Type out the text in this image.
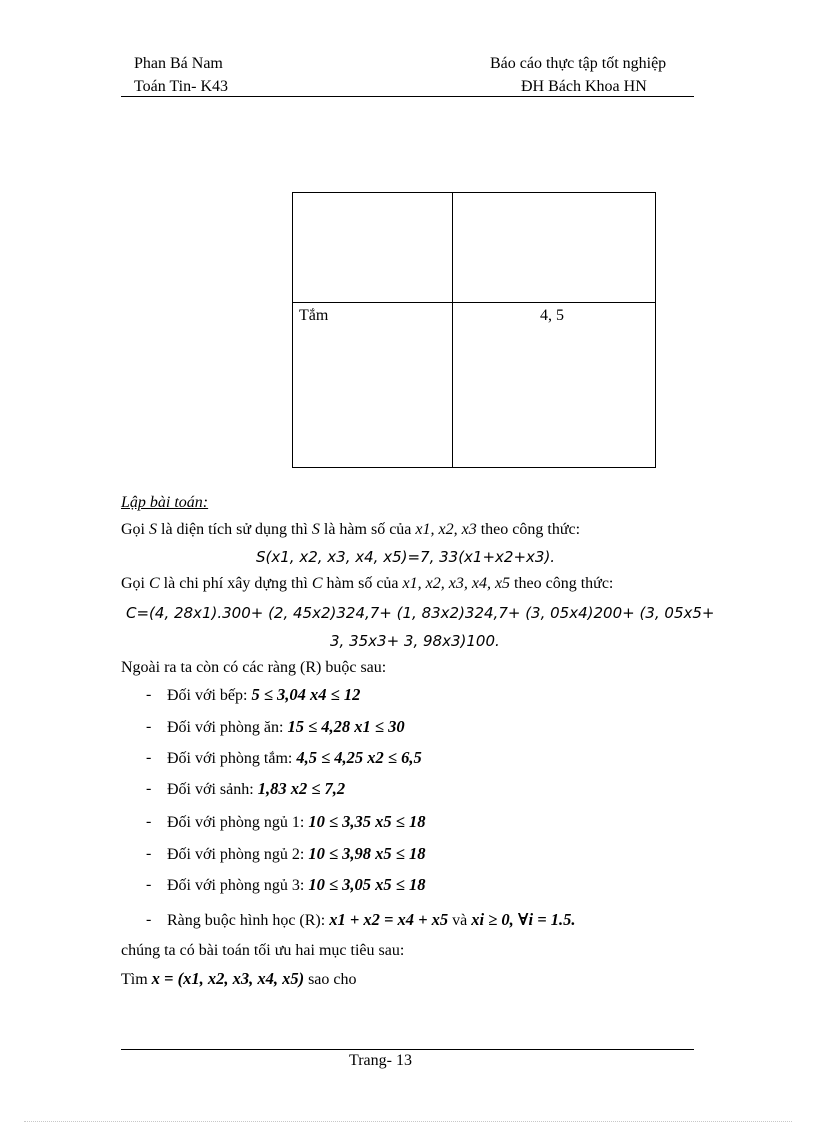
Phan Bá Nam
Toán Tin- K43
Báo cáo thực tập tốt nghiệp
ĐH Bách Khoa HN
Tắm	4, 5
Lập bài toán:
Gọi S là diện tích sử dụng thì S là hàm số của x1, x2, x3 theo công thức:
S(x1, x2, x3, x4, x5)=7, 33(x1+x2+x3).
Gọi C là chi phí xây dựng thì C hàm số của x1, x2, x3, x4, x5 theo công thức:
C=(4, 28x1).300+ (2, 45x2)324,7+ (1, 83x2)324,7+ (3, 05x4)200+ (3, 05x5+
3, 35x3+ 3, 98x3)100.
Ngoài ra ta còn có các ràng (R) buộc sau:
- Đối với bếp: 5 ≤ 3,04 x4 ≤ 12
- Đối với phòng ăn: 15 ≤ 4,28 x1 ≤ 30
- Đối với phòng tắm: 4,5 ≤ 4,25 x2 ≤ 6,5
- Đối với sảnh: 1,83 x2 ≤ 7,2
- Đối với phòng ngủ 1: 10 ≤ 3,35 x5 ≤ 18
- Đối với phòng ngủ 2: 10 ≤ 3,98 x5 ≤ 18
- Đối với phòng ngủ 3: 10 ≤ 3,05 x5 ≤ 18
- Ràng buộc hình học (R): x1 + x2 = x4 + x5 và xi ≥ 0, ∀i = 1.5.
chúng ta có bài toán tối ưu hai mục tiêu sau:
Tìm x = (x1, x2, x3, x4, x5) sao cho
Trang- 13
